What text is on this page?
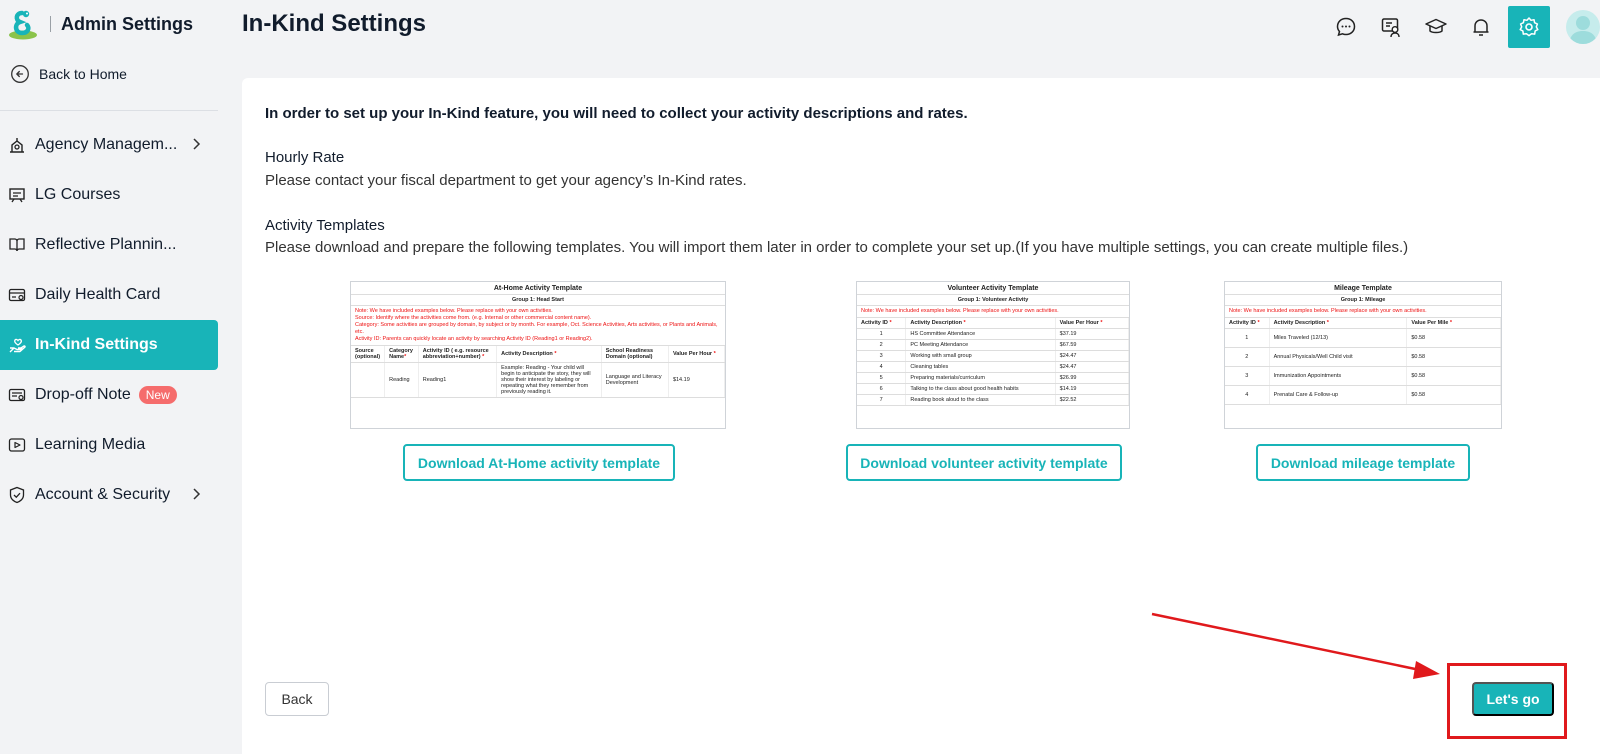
Admin Settings
Back to Home
Agency Managem...
LG Courses
Reflective Plannin...
Daily Health Card
In-Kind Settings
Drop-off Note	New
Learning Media
Account & Security
In-Kind Settings

In order to set up your In-Kind feature, you will need to collect your activity descriptions and rates.

Hourly Rate

Please contact your fiscal department to get your agency’s In-Kind rates.

Activity Templates

Please download and prepare the following templates. You will import them later in order to complete your set up.(If you have multiple settings, you can create multiple files.)

At-Home Activity Template
Group 1: Head Start
Note: We have included examples below. Please replace with your own activities.
Source: Identify where the activities come from. (e.g. Internal or other commercial content name).
Category: Some activities are grouped by domain, by subject or by month. For example, Oct. Science Activities, Arts activities, or Plants and Animals, etc.
Activity ID: Parents can quickly locate an activity by searching Activity ID (Reading1 or Reading2).
Source (optional)	Category Name*	Activity ID ( e.g. resource abbreviation+number) *	Activity Description *	School Readiness Domain (optional)	Value Per Hour *
	Reading	Reading1	Example: Reading - Your child will begin to anticipate the story, they will show their interest by labeling or repeating what they remember from previously reading it.	Language and Literacy Development	$14.19
Download At-Home activity template
Volunteer Activity Template
Group 1: Volunteer Activity
Note: We have included examples below. Please replace with your own activities.
Activity ID *	Activity Description *	Value Per Hour *
1	HS Committee Attendance	$37.19
2	PC Meeting Attendance	$67.59
3	Working with small group	$24.47
4	Cleaning tables	$24.47
5	Preparing materials/curriculum	$26.99
6	Talking to the class about good health habits	$14.19
7	Reading book aloud to the class	$22.52
Download volunteer activity template
Mileage Template
Group 1: Mileage
Note: We have included examples below. Please replace with your own activities.
Activity ID *	Activity Description *	Value Per Mile *
1	Miles Traveled (12/13)	$0.58
2	Annual Physicals/Well Child visit	$0.58
3	Immunization Appointments	$0.58
4	Prenatal Care & Follow-up	$0.58
Download mileage template
Back	Let's go
